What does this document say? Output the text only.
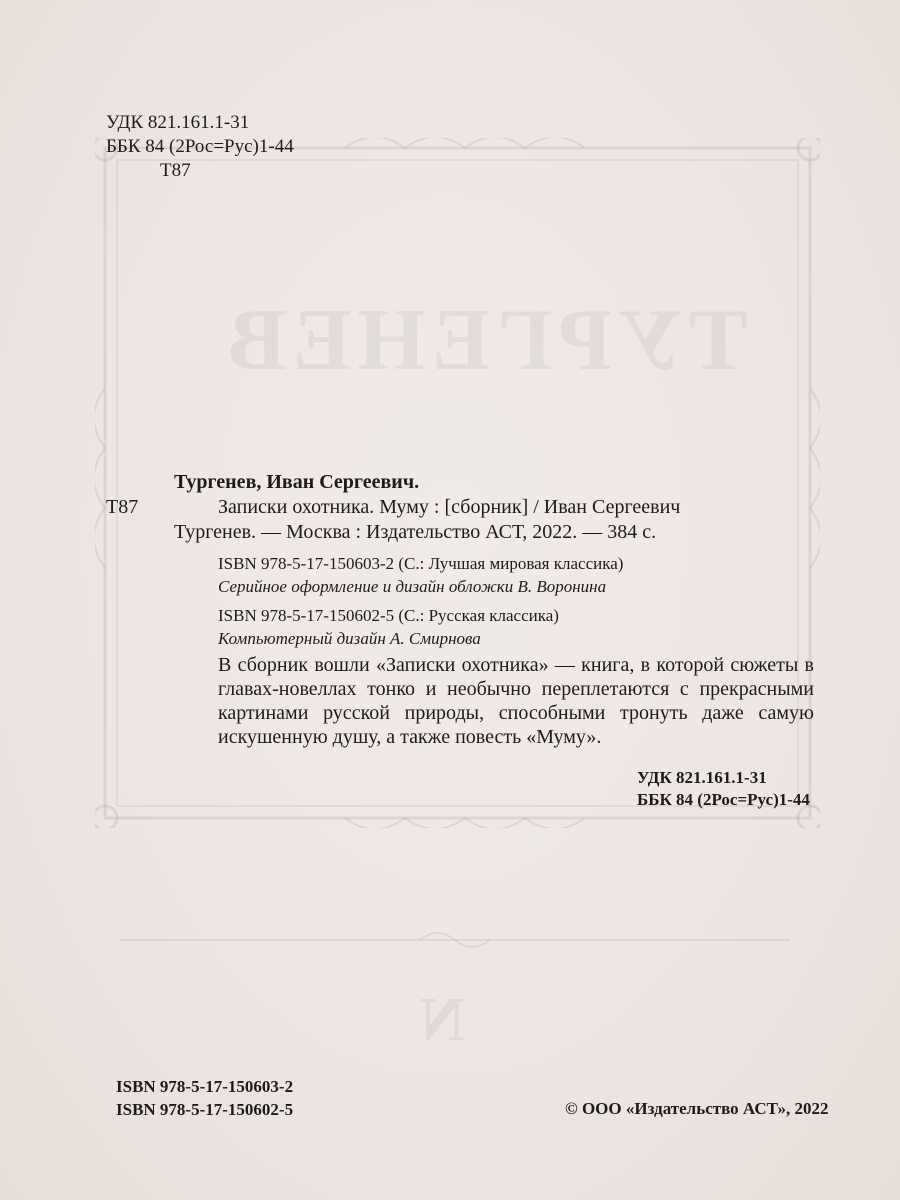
ТУРГЕНЕВ
N
УДК 821.161.1-31
ББК 84 (2Рос=Рус)1-44
Т87
Тургенев, Иван Сергеевич.
Т87	Записки охотника. Муму : [сборник] / Иван Сергеевич
Тургенев. — Москва : Издательство АСТ, 2022. — 384 с.
ISBN 978-5-17-150603-2 (С.: Лучшая мировая классика)
Серийное оформление и дизайн обложки В. Воронина
ISBN 978-5-17-150602-5 (С.: Русская классика)
Компьютерный дизайн А. Смирнова
В сборник вошли «Записки охотника» — книга, в которой сюжеты в главах-новеллах тонко и необычно переплетаются с прекрасными картинами русской природы, способными тронуть даже самую искушенную душу, а также повесть «Муму».
УДК 821.161.1-31
ББК 84 (2Рос=Рус)1-44
ISBN 978-5-17-150603-2
ISBN 978-5-17-150602-5	© ООО «Издательство АСТ», 2022
